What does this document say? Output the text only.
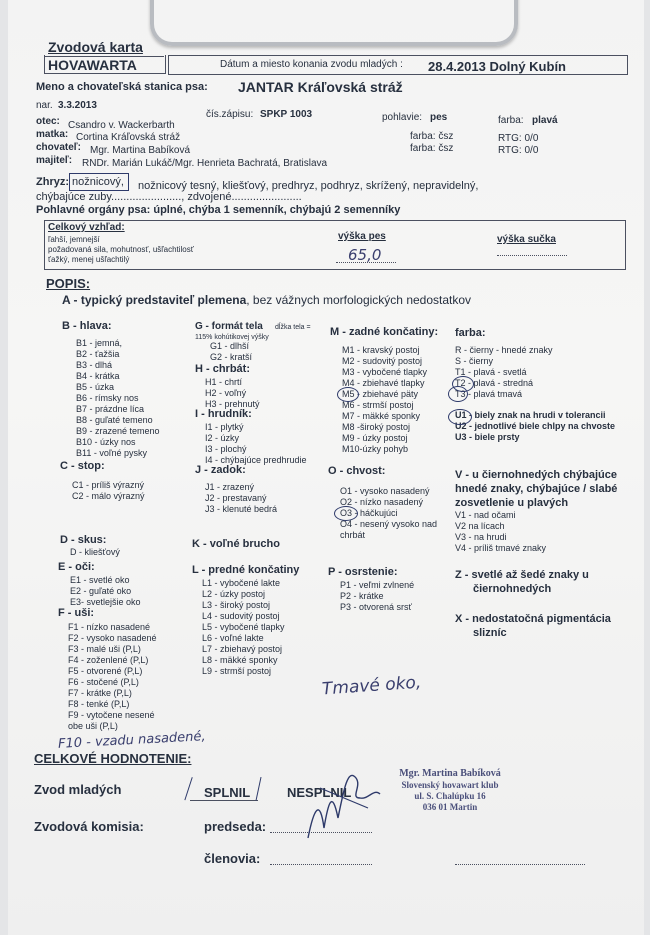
Zvodová karta
HOVAWARTA	Dátum a miesto konania zvodu mladých : 28.4.2013 Dolný Kubín
Meno a chovateľská stanica psa: JANTAR Kráľovská stráž
nar. 3.3.2013
čís.zápisu: SPKP 1003	pohlavie: pes	farba: plavá
otec: Csandro v. Wackerbarth
matka: Cortina Kráľovská stráž
chovateľ: Mgr. Martina Babíková
majiteľ: RNDr. Marián Lukáč/Mgr. Henrieta Bachratá, Bratislava
farba: čsz
farba: čsz
RTG: 0/0
RTG: 0/0
Zhryz: nožnicový, nožnicový tesný, kliešťový, predhryz, podhryz, skrížený, nepravidelný,
chýbajúce zuby......................., zdvojené.......................
Pohlavné orgány psa: úplné, chýba 1 semenník, chýbajú 2 semenníky
Celkový vzhľad:
ľahší, jemnejší
požadovaná sila, mohutnosť, ušľachtilosť
ťažký, menej ušľachtilý
výška pes
65,0
výška sučka
POPIS:
A - typický predstaviteľ plemena, bez vážnych morfologických nedostatkov
B - hlava:
B1 - jemná,
B2 - ťažšia
B3 - dlhá
B4 - krátka
B5 - úzka
B6 - rímsky nos
B7 - prázdne líca
B8 - guľaté temeno
B9 - zrazené temeno
B10 - úzky nos
B11 - voľné pysky
C - stop:
C1 - príliš výrazný
C2 - málo výrazný
D - skus:
D - kliešťový
E - oči:
E1 - svetlé oko
E2 - guľaté oko
E3- svetlejšie oko
F - uši:
F1 - nízko nasadené
F2 - vysoko nasadené
F3 - malé uši (P,L)
F4 - zoženlené (P,L)
F5 - otvorené (P,L)
F6 - stočené (P,L)
F7 - krátke (P,L)
F8 - tenké (P,L)
F9 - vytočene nesené
obe uši (P,L)
F10 - vzadu nasadené,
G - formát tela dĺžka tela =
115% kohútikovej výšky
G1 - dlhší
G2 - kratší
H - chrbát:
H1 - chrtí
H2 - voľný
H3 - prehnutý
I - hrudník:
I1 - plytký
I2 - úzky
I3 - plochý
I4 - chýbajúce predhrudie
J - zadok:
J1 - zrazený
J2 - prestavaný
J3 - klenuté bedrá
K - voľné brucho
L - predné končatiny
L1 - vybočené lakte
L2 - úzky postoj
L3 - široký postoj
L4 - sudovitý postoj
L5 - vybočené tlapky
L6 - voľné lakte
L7 - zbiehavý postoj
L8 - mäkké sponky
L9 - strmší postoj
M - zadné končatiny:
M1 - kravský postoj
M2 - sudovitý postoj
M3 - vybočené tlapky
M4 - zbiehavé tlapky
M5 - zbiehavé päty
M6 - strmší postoj
M7 - mäkké sponky
M8 -široký postoj
M9 - úzky postoj
M10-úzky pohyb
O - chvost:
O1 - vysoko nasadený
O2 - nízko nasadený
O3 - háčkujúci
O4 - nesený vysoko nad
chrbát
P - osrstenie:
P1 - veľmi zvlnené
P2 - krátke
P3 - otvorená srsť
Tmavé oko,
farba:
R - čierny - hnedé znaky
S - čierny
T1 - plavá - svetlá
T2 - plavá - stredná
T3 - plavá tmavá
U1 - biely znak na hrudi v tolerancii
U2 - jednotlivé biele chlpy na chvoste
U3 - biele prsty
V - u čiernohnedých chýbajúce
hnedé znaky, chýbajúce / slabé
zosvetlenie u plavých
V1 - nad očami
V2 na lícach
V3 - na hrudi
V4 - príliš tmavé znaky
Z - svetlé až šedé znaky u
čiernohnedých
X - nedostatočná pigmentácia
slizníc
CELKOVÉ HODNOTENIE:
Zvod mladých	SPLNIL	NESPLNIL
Zvodová komisia:	predseda:
členovia:
Mgr. Martina Babíková
Slovenský hovawart klub
ul. S. Chalúpku 16
036 01 Martin
